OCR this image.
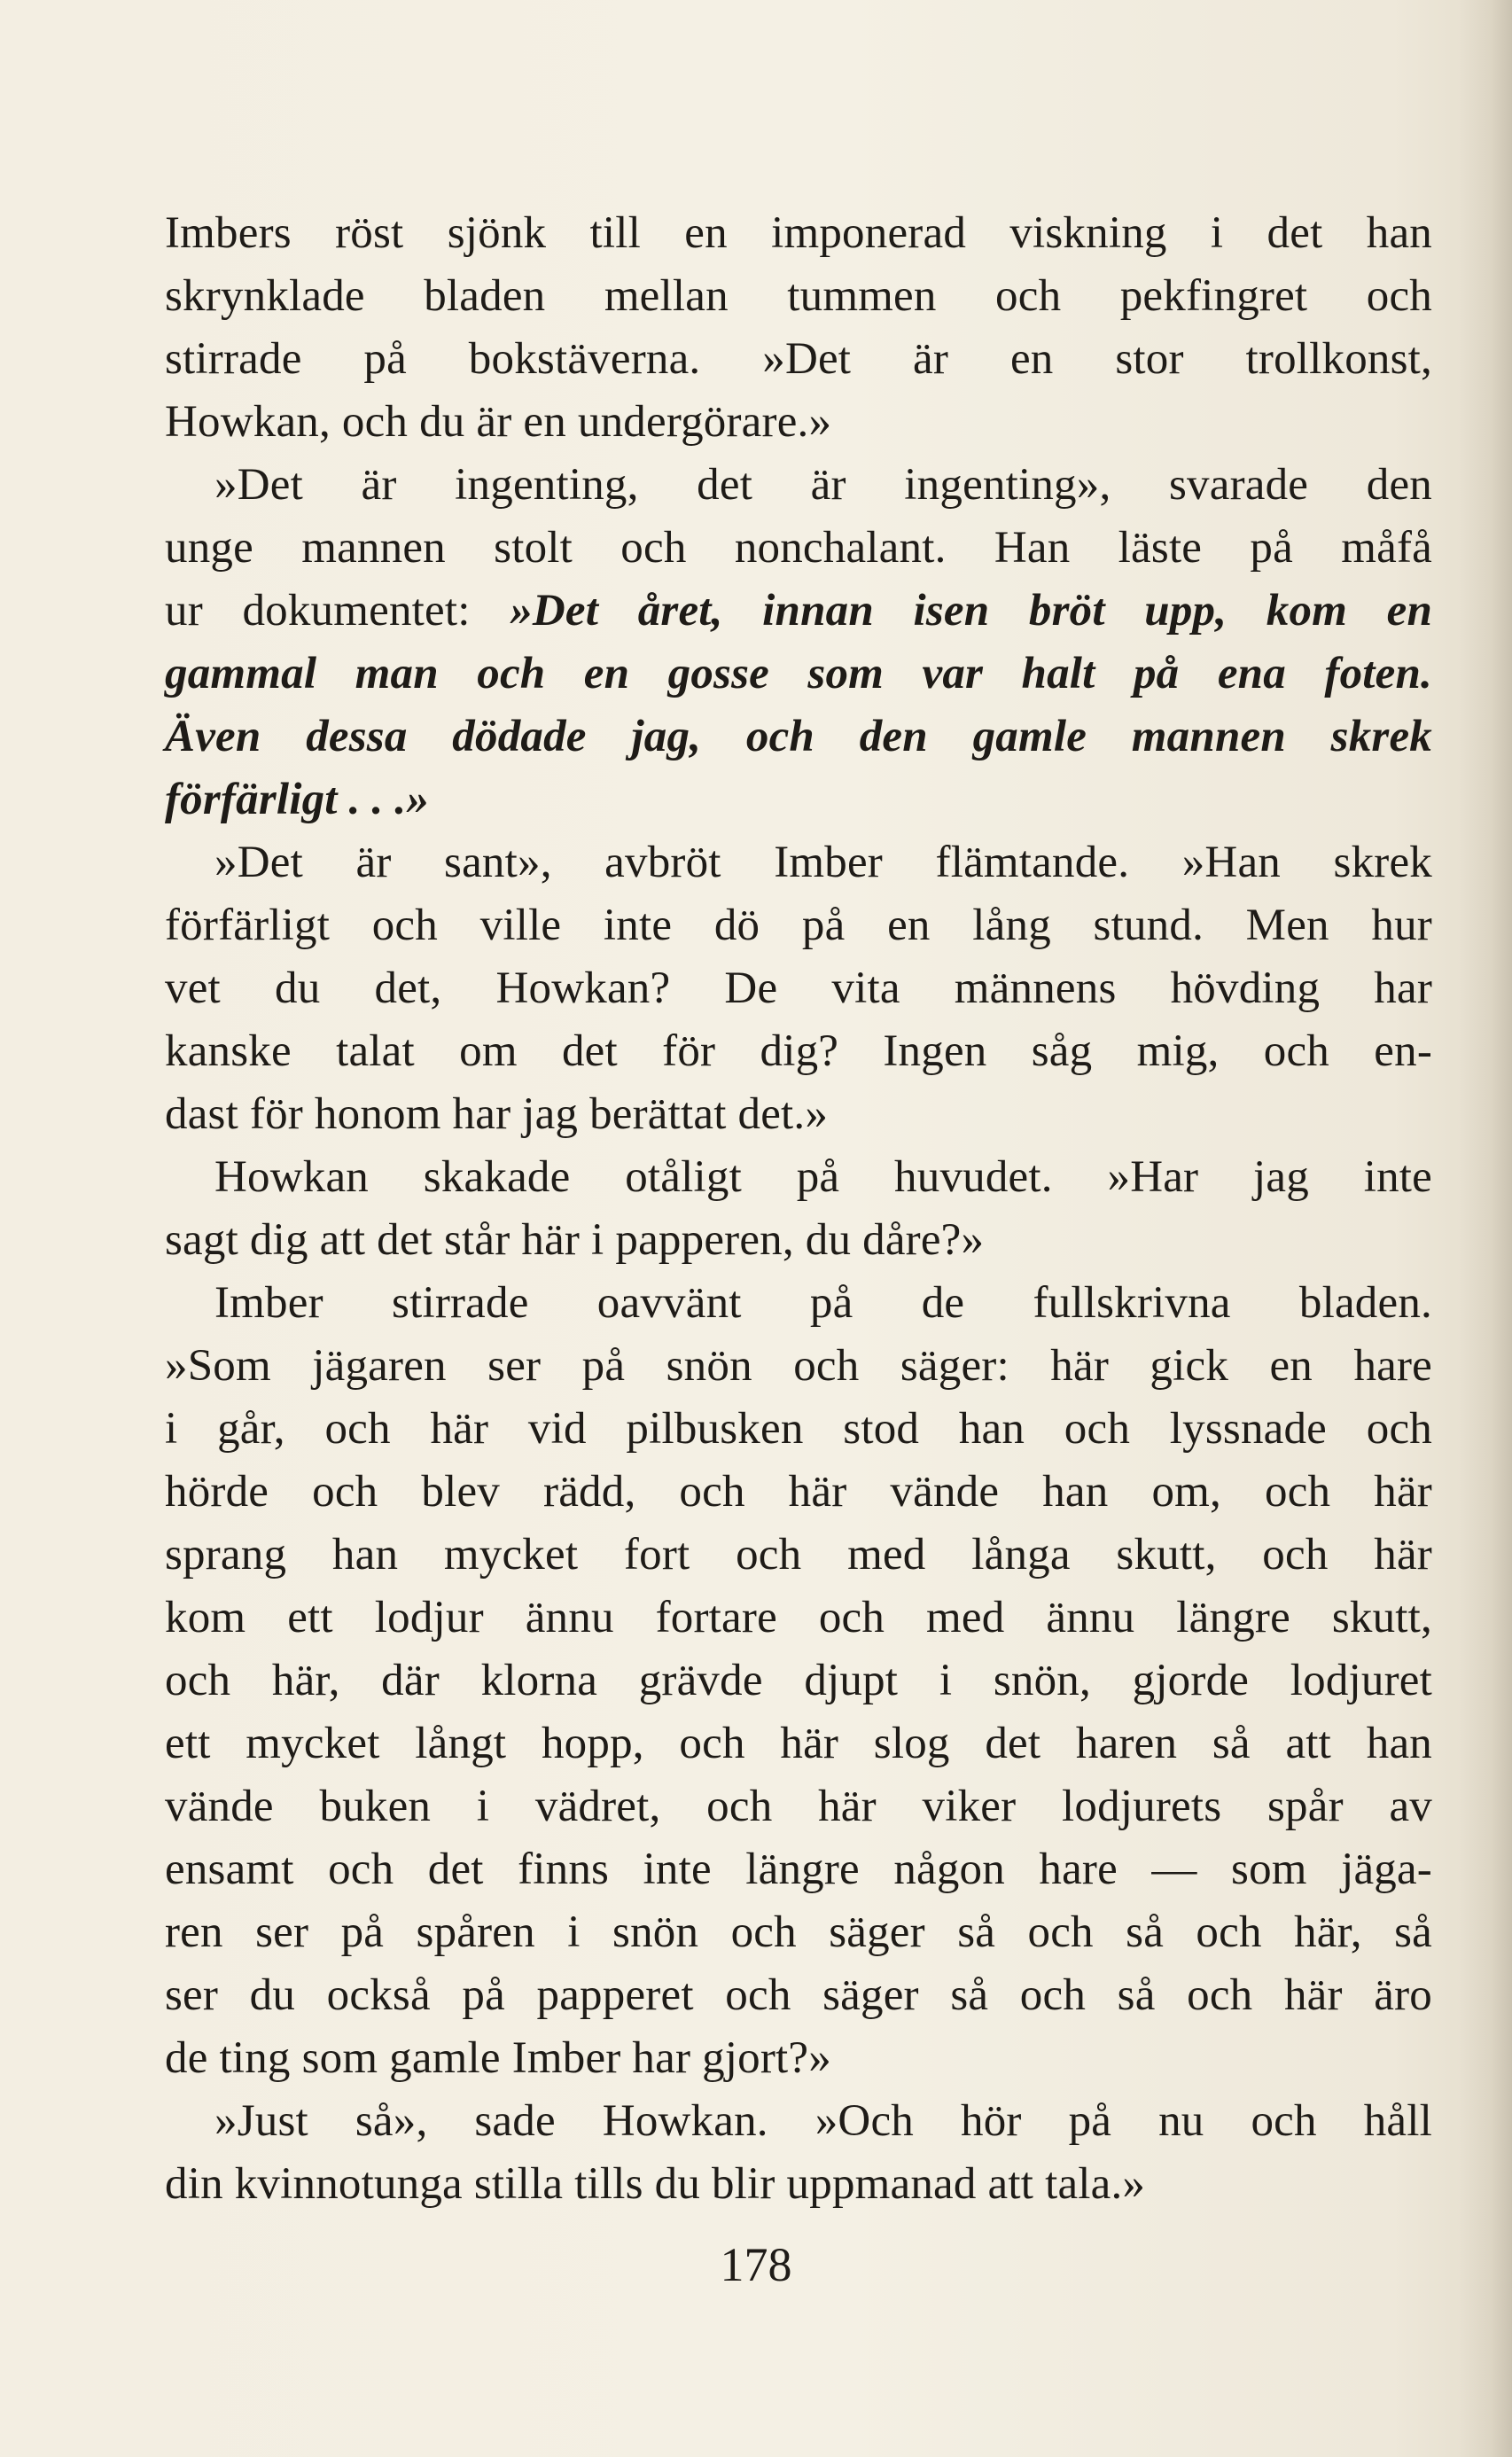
Imbers röst sjönk till en imponerad viskning i det han
skrynklade bladen mellan tummen och pekfingret och
stirrade på bokstäverna. »Det är en stor trollkonst,
Howkan, och du är en undergörare.»
»Det är ingenting, det är ingenting», svarade den
unge mannen stolt och nonchalant. Han läste på måfå
ur dokumentet: »Det året, innan isen bröt upp, kom en
gammal man och en gosse som var halt på ena foten.
Även dessa dödade jag, och den gamle mannen skrek
förfärligt . . .»
»Det är sant», avbröt Imber flämtande. »Han skrek
förfärligt och ville inte dö på en lång stund. Men hur
vet du det, Howkan? De vita männens hövding har
kanske talat om det för dig? Ingen såg mig, och en-
dast för honom har jag berättat det.»
Howkan skakade otåligt på huvudet. »Har jag inte
sagt dig att det står här i papperen, du dåre?»
Imber stirrade oavvänt på de fullskrivna bladen.
»Som jägaren ser på snön och säger: här gick en hare
i går, och här vid pilbusken stod han och lyssnade och
hörde och blev rädd, och här vände han om, och här
sprang han mycket fort och med långa skutt, och här
kom ett lodjur ännu fortare och med ännu längre skutt,
och här, där klorna grävde djupt i snön, gjorde lodjuret
ett mycket långt hopp, och här slog det haren så att han
vände buken i vädret, och här viker lodjurets spår av
ensamt och det finns inte längre någon hare — som jäga-
ren ser på spåren i snön och säger så och så och här, så
ser du också på papperet och säger så och så och här äro
de ting som gamle Imber har gjort?»
»Just så», sade Howkan. »Och hör på nu och håll
din kvinnotunga stilla tills du blir uppmanad att tala.»
178
